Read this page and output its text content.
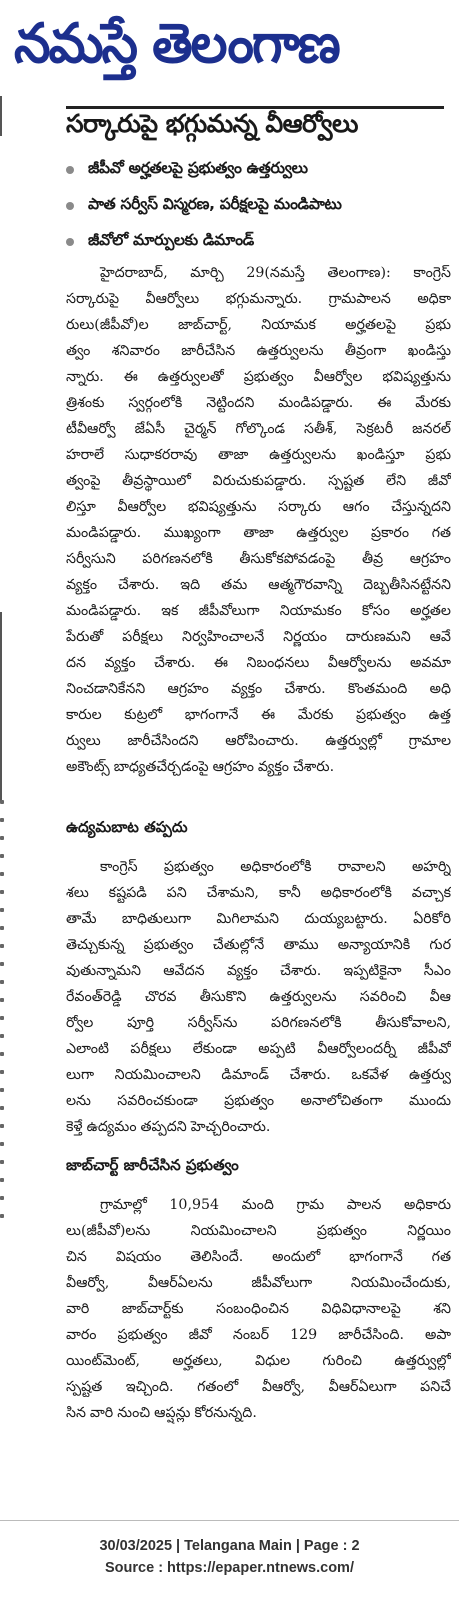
నమస్తే తెలంగాణ
సర్కారుపై భగ్గుమన్న వీఆర్వోలు
జీపీవో అర్హతలపై ప్రభుత్వం ఉత్తర్వులు
పాత సర్వీస్ విస్మరణ, పరీక్షలపై మండిపాటు
జీవోలో మార్పులకు డిమాండ్
హైదరాబాద్, మార్చి 29(నమస్తే తెలంగాణ): కాంగ్రెస్
సర్కారుపై వీఆర్వోలు భగ్గుమన్నారు. గ్రామపాలన అధికా
రులు(జీపీవో)ల జాబ్‌చార్ట్, నియామక అర్హతలపై ప్రభు
త్వం శనివారం జారీచేసిన ఉత్తర్వులను తీవ్రంగా ఖండిస్తు
న్నారు. ఈ ఉత్తర్వులతో ప్రభుత్వం వీఆర్వోల భవిష్యత్తును
త్రిశంకు స్వర్గంలోకి నెట్టిందని మండిపడ్డారు. ఈ మేరకు
టీవీఆర్వో జేఏసీ చైర్మన్ గోల్కొండ సతీశ్, సెక్రటరీ జనరల్
హరాలే సుధాకరరావు తాజా ఉత్తర్వులను ఖండిస్తూ ప్రభు
త్వంపై తీవ్రస్థాయిలో విరుచుకుపడ్డారు. స్పష్టత లేని జీవో
లిస్తూ వీఆర్వోల భవిష్యత్తును సర్కారు ఆగం చేస్తున్నదని
మండిపడ్డారు. ముఖ్యంగా తాజా ఉత్తర్వుల ప్రకారం గత
సర్వీసుని పరిగణనలోకి తీసుకోకపోవడంపై తీవ్ర ఆగ్రహం
వ్యక్తం చేశారు. ఇది తమ ఆత్మగౌరవాన్ని దెబ్బతీసినట్టేనని
మండిపడ్డారు. ఇక జీపీవోలుగా నియామకం కోసం అర్హతల
పేరుతో పరీక్షలు నిర్వహించాలనే నిర్ణయం దారుణమని ఆవే
దన వ్యక్తం చేశారు. ఈ నిబంధనలు వీఆర్వోలను అవమా
నించడానికేనని ఆగ్రహం వ్యక్తం చేశారు. కొంతమంది అధి
కారుల కుట్రలో భాగంగానే ఈ మేరకు ప్రభుత్వం ఉత్త
ర్వులు జారీచేసిందని ఆరోపించారు. ఉత్తర్వుల్లో గ్రామాల
అకౌంట్స్ బాధ్యతచేర్చడంపై ఆగ్రహం వ్యక్తం చేశారు.
ఉద్యమబాట తప్పదు
కాంగ్రెస్ ప్రభుత్వం అధికారంలోకి రావాలని అహర్ని
శలు కష్టపడి పని చేశామని, కానీ అధికారంలోకి వచ్చాక
తామే బాధితులుగా మిగిలామని దుయ్యబట్టారు. ఏరికోరి
తెచ్చుకున్న ప్రభుత్వం చేతుల్లోనే తాము అన్యాయానికి గుర
వుతున్నామని ఆవేదన వ్యక్తం చేశారు. ఇప్పటికైనా సీఎం
రేవంత్‌రెడ్డి చొరవ తీసుకొని ఉత్తర్వులను సవరించి వీఆ
ర్వోల పూర్తి సర్వీస్‌ను పరిగణనలోకి తీసుకోవాలని,
ఎలాంటి పరీక్షలు లేకుండా అప్పటి వీఆర్వోలందర్నీ జీపీవో
లుగా నియమించాలని డిమాండ్ చేశారు. ఒకవేళ ఉత్తర్వు
లను సవరించకుండా ప్రభుత్వం అనాలోచితంగా ముందు
కెళ్తే ఉద్యమం తప్పదని హెచ్చరించారు.
జాబ్‌చార్ట్ జారీచేసిన ప్రభుత్వం
గ్రామాల్లో 10,954 మంది గ్రామ పాలన అధికారు
లు(జీపీవో)లను నియమించాలని ప్రభుత్వం నిర్ణయిం
చిన విషయం తెలిసిందే. అందులో భాగంగానే గత
వీఆర్వో, వీఆర్ఏలను జీపీవోలుగా నియమించేందుకు,
వారి జాబ్‌చార్ట్‌కు సంబంధించిన విధివిధానాలపై శని
వారం ప్రభుత్వం జీవో నంబర్ 129 జారీచేసింది. అపా
యింట్‌మెంట్, అర్హతలు, విధుల గురించి ఉత్తర్వుల్లో
స్పష్టత ఇచ్చింది. గతంలో వీఆర్వో, వీఆర్ఏలుగా పనిచే
సిన వారి నుంచి ఆప్షన్లు కోరనున్నది.
30/03/2025 | Telangana Main | Page : 2
Source : https://epaper.ntnews.com/
